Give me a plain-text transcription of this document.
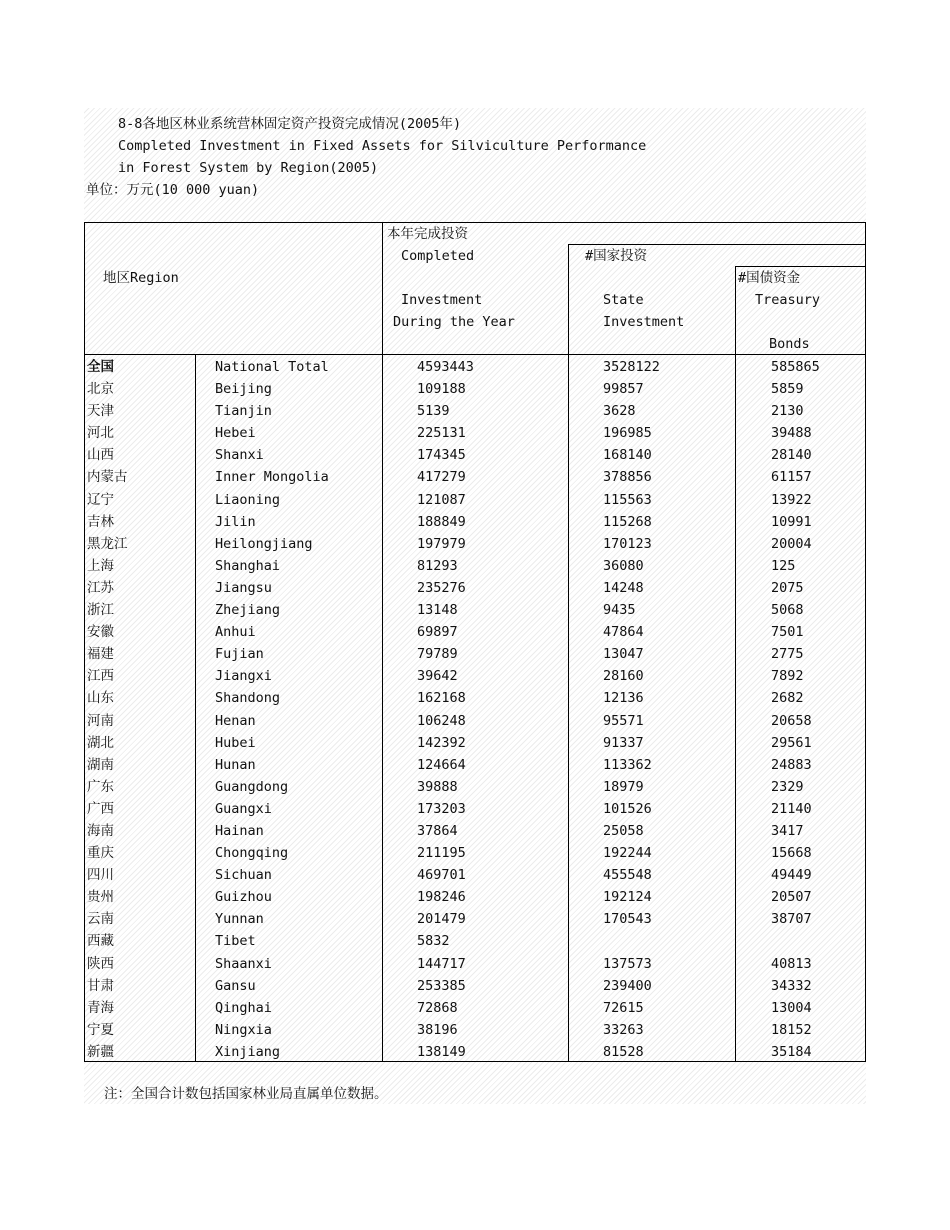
8-8各地区林业系统营林固定资产投资完成情况(2005年)
Completed Investment in Fixed Assets for Silviculture Performance
in Forest System by Region(2005)
单位：万元(10 000 yuan)
地区Region
本年完成投资
Completed
Investment
During the Year
#国家投资
State
Investment
#国债资金
Treasury
Bonds
全国	National Total	4593443	3528122	585865
北京	Beijing	109188	99857	5859
天津	Tianjin	5139	3628	2130
河北	Hebei	225131	196985	39488
山西	Shanxi	174345	168140	28140
内蒙古	Inner Mongolia	417279	378856	61157
辽宁	Liaoning	121087	115563	13922
吉林	Jilin	188849	115268	10991
黑龙江	Heilongjiang	197979	170123	20004
上海	Shanghai	81293	36080	125
江苏	Jiangsu	235276	14248	2075
浙江	Zhejiang	13148	9435	5068
安徽	Anhui	69897	47864	7501
福建	Fujian	79789	13047	2775
江西	Jiangxi	39642	28160	7892
山东	Shandong	162168	12136	2682
河南	Henan	106248	95571	20658
湖北	Hubei	142392	91337	29561
湖南	Hunan	124664	113362	24883
广东	Guangdong	39888	18979	2329
广西	Guangxi	173203	101526	21140
海南	Hainan	37864	25058	3417
重庆	Chongqing	211195	192244	15668
四川	Sichuan	469701	455548	49449
贵州	Guizhou	198246	192124	20507
云南	Yunnan	201479	170543	38707
西藏	Tibet	5832
陕西	Shaanxi	144717	137573	40813
甘肃	Gansu	253385	239400	34332
青海	Qinghai	72868	72615	13004
宁夏	Ningxia	38196	33263	18152
新疆	Xinjiang	138149	81528	35184
注：全国合计数包括国家林业局直属单位数据。
